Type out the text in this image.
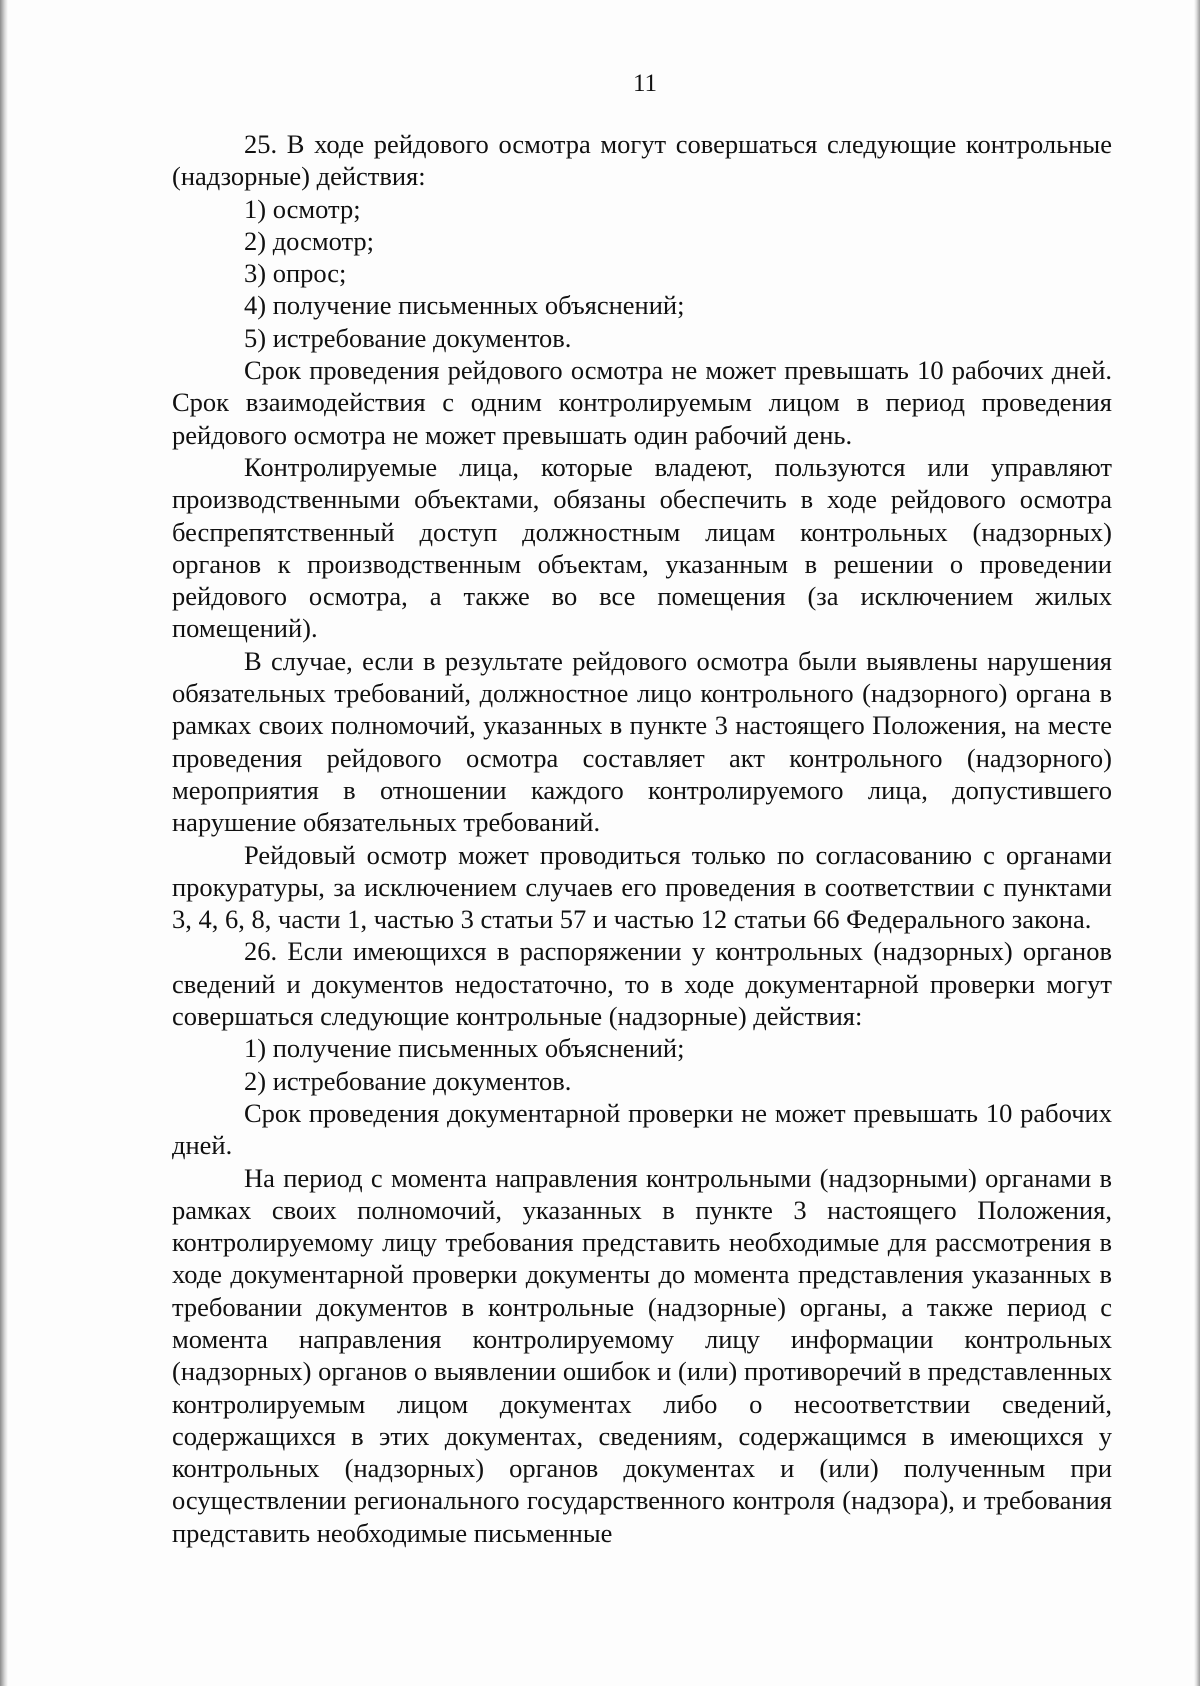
11

25. В ходе рейдового осмотра могут совершаться следующие контрольные (надзорные) действия:

1) осмотр;

2) досмотр;

3) опрос;

4) получение письменных объяснений;

5) истребование документов.

Срок проведения рейдового осмотра не может превышать 10 рабочих дней. Срок взаимодействия с одним контролируемым лицом в период проведения рейдового осмотра не может превышать один рабочий день.

Контролируемые лица, которые владеют, пользуются или управляют производственными объектами, обязаны обеспечить в ходе рейдового осмотра беспрепятственный доступ должностным лицам контрольных (надзорных) органов к производственным объектам, указанным в решении о проведении рейдового осмотра, а также во все помещения (за исключением жилых помещений).

В случае, если в результате рейдового осмотра были выявлены нарушения обязательных требований, должностное лицо контрольного (надзорного) органа в рамках своих полномочий, указанных в пункте 3 настоящего Положения, на месте проведения рейдового осмотра составляет акт контрольного (надзорного) мероприятия в отношении каждого контролируемого лица, допустившего нарушение обязательных требований.

Рейдовый осмотр может проводиться только по согласованию с органами прокуратуры, за исключением случаев его проведения в соответствии с пунктами 3, 4, 6, 8, части 1, частью 3 статьи 57 и частью 12 статьи 66 Федерального закона.

26. Если имеющихся в распоряжении у контрольных (надзорных) органов сведений и документов недостаточно, то в ходе документарной проверки могут совершаться следующие контрольные (надзорные) действия:

1) получение письменных объяснений;

2) истребование документов.

Срок проведения документарной проверки не может превышать 10 рабочих дней.

На период с момента направления контрольными (надзорными) органами в рамках своих полномочий, указанных в пункте 3 настоящего Положения, контролируемому лицу требования представить необходимые для рассмотрения в ходе документарной проверки документы до момента представления указанных в требовании документов в контрольные (надзорные) органы, а также период с момента направления контролируемому лицу информации контрольных (надзорных) органов о выявлении ошибок и (или) противоречий в представленных контролируемым лицом документах либо о несоответствии сведений, содержащихся в этих документах, сведениям, содержащимся в имеющихся у контрольных (надзорных) органов документах и (или) полученным при осуществлении регионального государственного контроля (надзора), и требования представить необходимые письменные
